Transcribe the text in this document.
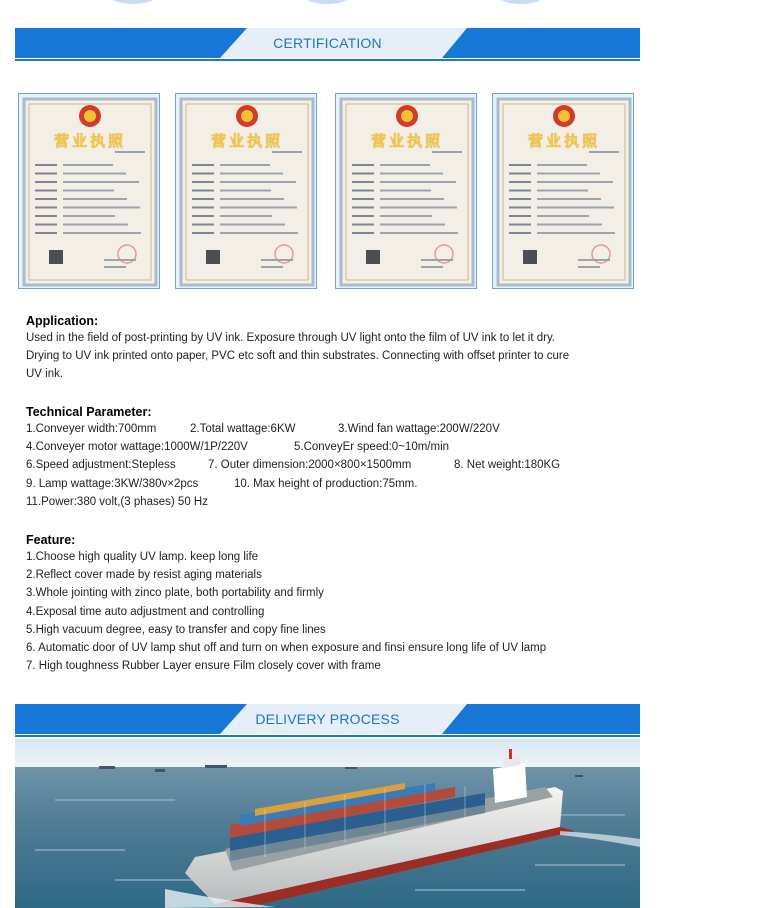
CERTIFICATION
营业执照	营业执照	营业执照	营业执照
Application:

Used in the field of post-printing by UV ink. Exposure through UV light onto the film of UV ink to let it dry.

Drying to UV ink printed onto paper, PVC etc soft and thin substrates. Connecting with offset printer to cure

UV ink.

Technical Parameter:

1.Conveyer width:700mm	2.Total wattage:6KW	3.Wind fan wattage:200W/220V

4.Conveyer motor wattage:1000W/1P/220V	5.ConveyEr speed:0~10m/min

6.Speed adjustment:Stepless	7. Outer dimension:2000×800×1500mm	8. Net weight:180KG

9. Lamp wattage:3KW/380v×2pcs	10. Max height of production:75mm.

11.Power:380 volt,(3 phases) 50 Hz

Feature:

1.Choose high quality UV lamp. keep long life

2.Reflect cover made by resist aging materials

3.Whole jointing with zinco plate, both portability and firmly

4.Exposal time auto adjustment and controlling

5.High vacuum degree, easy to transfer and copy fine lines

6. Automatic door of UV lamp shut off and turn on when exposure and finsi ensure long life of UV lamp

7. High toughness Rubber Layer ensure Film closely cover with frame

DELIVERY PROCESS
